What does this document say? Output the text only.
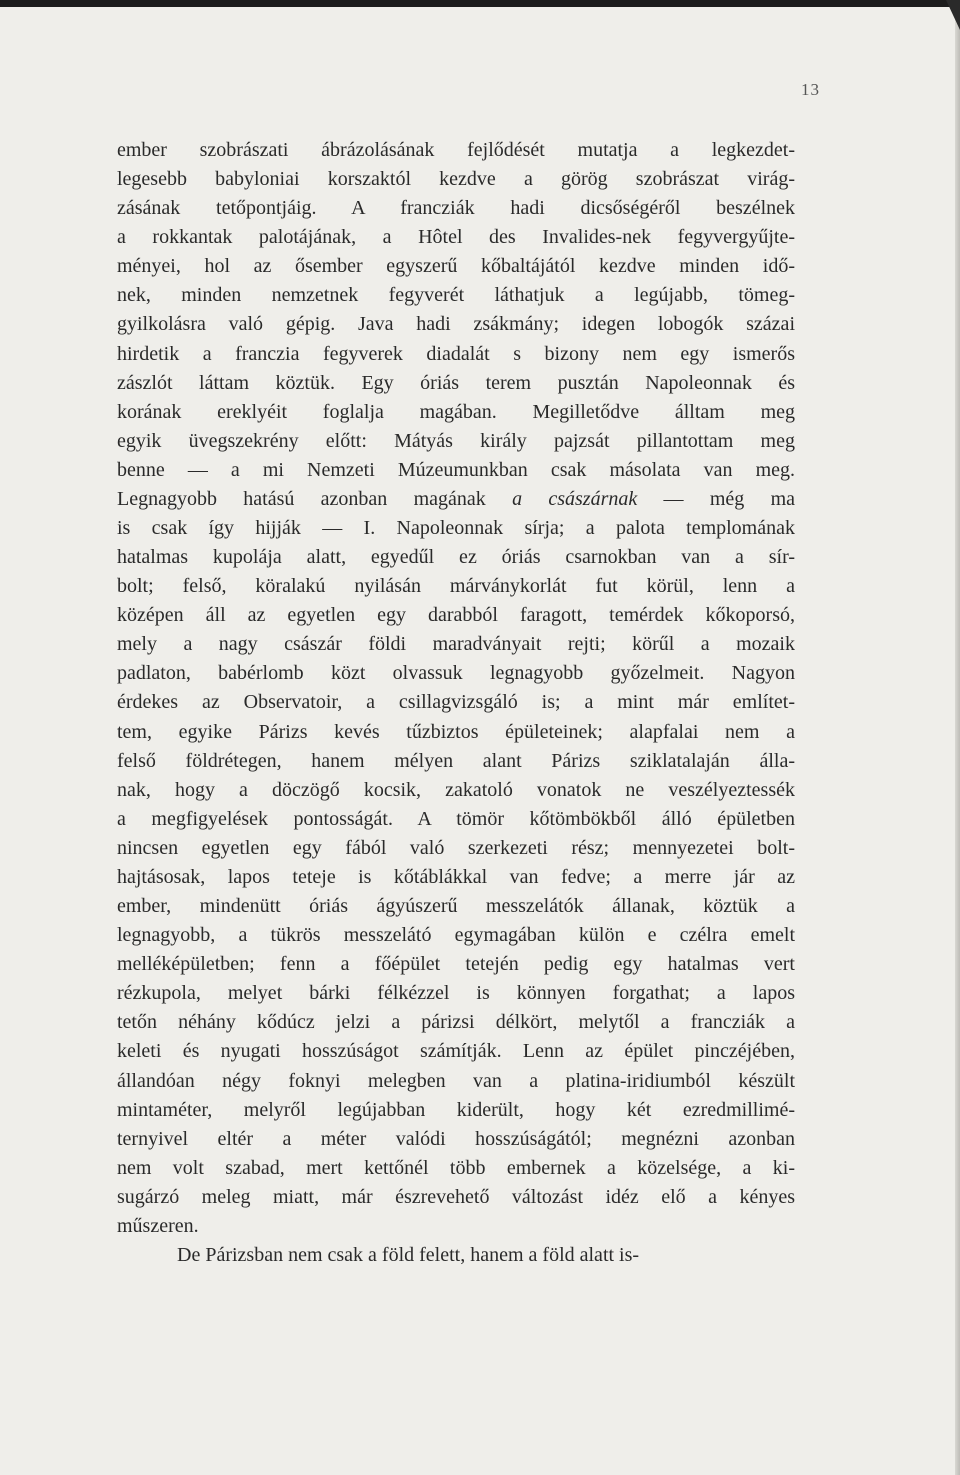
13
ember szobrászati ábrázolásának fejlődését mutatja a legkezdet-
legesebb babyloniai korszaktól kezdve a görög szobrászat virág-
zásának tetőpontjáig. A francziák hadi dicsőségéről beszélnek
a rokkantak palotájának, a Hôtel des Invalides-nek fegyvergyűjte-
ményei, hol az ősember egyszerű kőbaltájától kezdve minden idő-
nek, minden nemzetnek fegyverét láthatjuk a legújabb, tömeg-
gyilkolásra való gépig. Java hadi zsákmány; idegen lobogók százai
hirdetik a franczia fegyverek diadalát s bizony nem egy ismerős
zászlót láttam köztük. Egy óriás terem pusztán Napoleonnak és
korának ereklyéit foglalja magában. Megilletődve álltam meg
egyik üvegszekrény előtt: Mátyás király pajzsát pillantottam meg
benne — a mi Nemzeti Múzeumunkban csak másolata van meg.
Legnagyobb hatású azonban magának a császárnak — még ma
is csak így hijják — I. Napoleonnak sírja; a palota templomának
hatalmas kupolája alatt, egyedűl ez óriás csarnokban van a sír-
bolt; felső, köralakú nyilásán márványkorlát fut körül, lenn a
középen áll az egyetlen egy darabból faragott, temérdek kőkoporsó,
mely a nagy császár földi maradványait rejti; körűl a mozaik
padlaton, babérlomb közt olvassuk legnagyobb győzelmeit. Nagyon
érdekes az Observatoir, a csillagvizsgáló is; a mint már említet-
tem, egyike Párizs kevés tűzbiztos épületeinek; alapfalai nem a
felső földrétegen, hanem mélyen alant Párizs sziklatalaján álla-
nak, hogy a döczögő kocsik, zakatoló vonatok ne veszélyeztessék
a megfigyelések pontosságát. A tömör kőtömbökből álló épületben
nincsen egyetlen egy fából való szerkezeti rész; mennyezetei bolt-
hajtásosak, lapos teteje is kőtáblákkal van fedve; a merre jár az
ember, mindenütt óriás ágyúszerű messzelátók állanak, köztük a
legnagyobb, a tükrös messzelátó egymagában külön e czélra emelt
melléképületben; fenn a főépület tetején pedig egy hatalmas vert
rézkupola, melyet bárki félkézzel is könnyen forgathat; a lapos
tetőn néhány kődúcz jelzi a párizsi délkört, melytől a francziák a
keleti és nyugati hosszúságot számítják. Lenn az épület pinczéjében,
állandóan négy foknyi melegben van a platina-iridiumból készült
mintaméter, melyről legújabban kiderült, hogy két ezredmillimé-
ternyivel eltér a méter valódi hosszúságától; megnézni azonban
nem volt szabad, mert kettőnél több embernek a közelsége, a ki-
sugárzó meleg miatt, már észrevehető változást idéz elő a kényes
műszeren.
De Párizsban nem csak a föld felett, hanem a föld alatt is-
